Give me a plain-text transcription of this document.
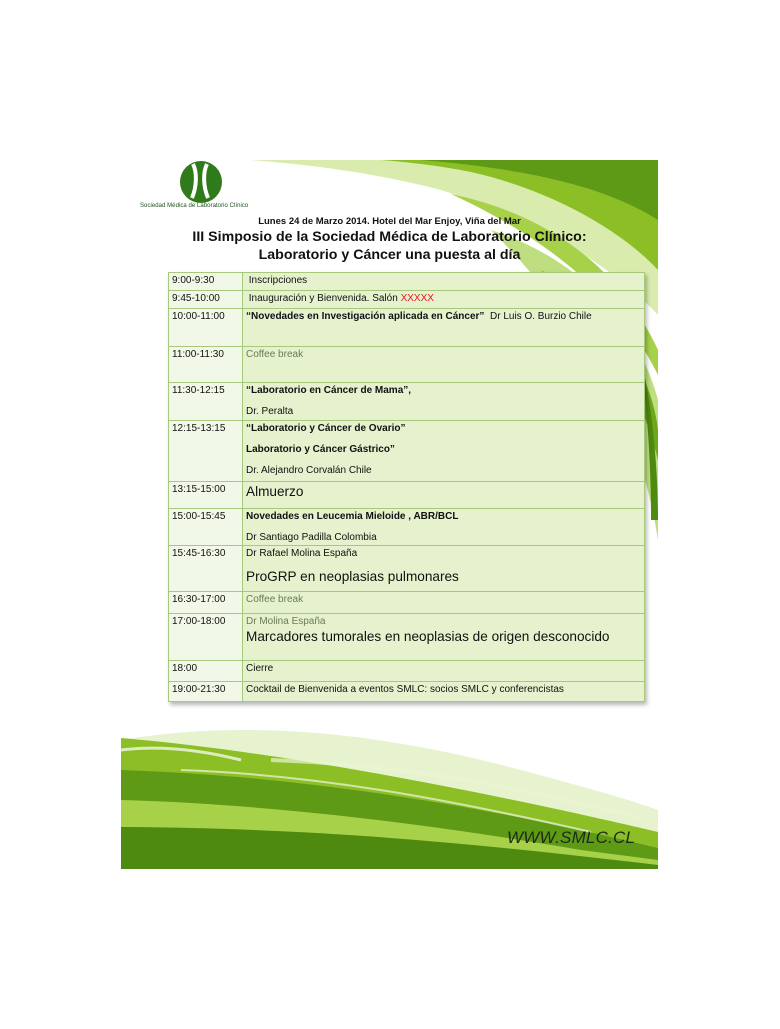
Sociedad Médica de Laboratorio Clínico
Lunes 24 de Marzo 2014. Hotel del Mar Enjoy, Viña del Mar
III Simposio de la Sociedad Médica de Laboratorio Clínico:
Laboratorio y Cáncer una puesta al día
9:00-9:30	Inscripciones
9:45-10:00	Inauguración y Bienvenida. Salón XXXXX
10:00-11:00	“Novedades en Investigación aplicada en Cáncer” Dr Luis O. Burzio Chile
11:00-11:30	Coffee break
11:30-12:15	“Laboratorio en Cáncer de Mama”,
Dr. Peralta
12:15-13:15	“Laboratorio y Cáncer de Ovario”
Laboratorio y Cáncer Gástrico”
Dr. Alejandro Corvalán Chile
13:15-15:00	Almuerzo
15:00-15:45	Novedades en Leucemia Mieloide , ABR/BCL
Dr Santiago Padilla Colombia
15:45-16:30	Dr Rafael Molina España
ProGRP en neoplasias pulmonares
16:30-17:00	Coffee break
17:00-18:00	Dr Molina España
Marcadores tumorales en neoplasias de origen desconocido
18:00	Cierre
19:00-21:30	Cocktail de Bienvenida a eventos SMLC: socios SMLC y conferencistas
WWW.SMLC.CL
